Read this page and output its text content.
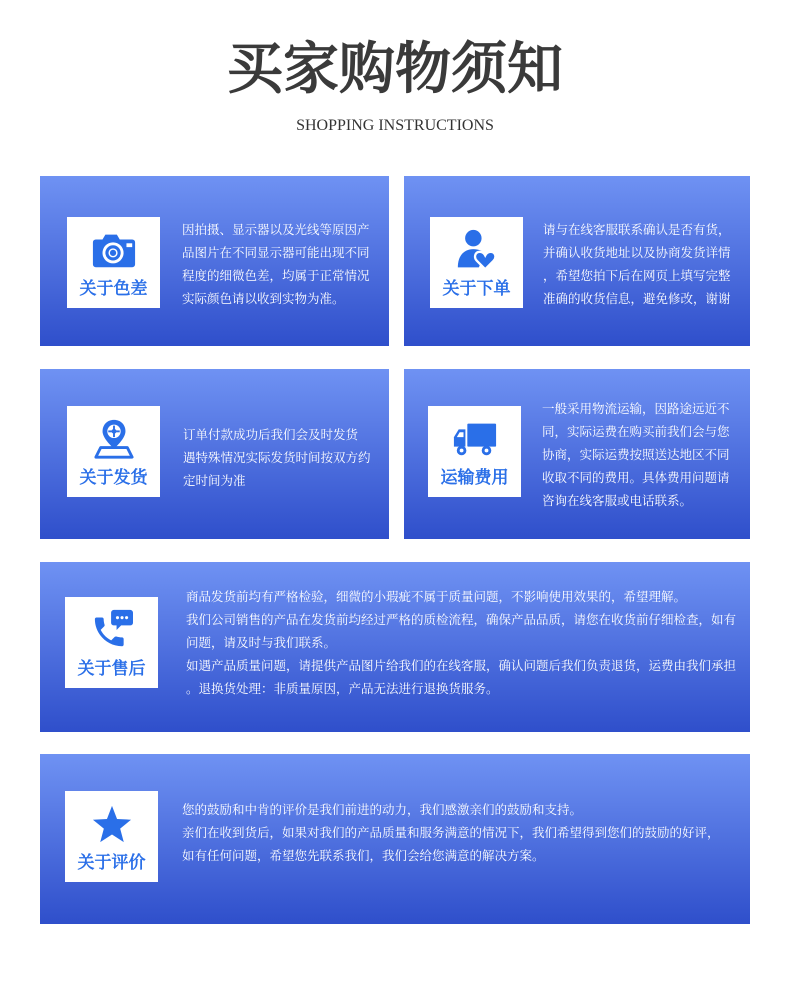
买家购物须知
SHOPPING INSTRUCTIONS
关于色差
因拍摄、显示器以及光线等原因产
品图片在不同显示器可能出现不同
程度的细微色差，均属于正常情况
实际颜色请以收到实物为准。	关于下单
请与在线客服联系确认是否有货，
并确认收货地址以及协商发货详情
，希望您拍下后在网页上填写完整
准确的收货信息，避免修改，谢谢
关于发货
订单付款成功后我们会及时发货
遇特殊情况实际发货时间按双方约
定时间为准	运输费用
一般采用物流运输，因路途远近不
同，实际运费在购买前我们会与您
协商，实际运费按照送达地区不同
收取不同的费用。具体费用问题请
咨询在线客服或电话联系。
关于售后
商品发货前均有严格检验，细微的小瑕疵不属于质量问题，不影响使用效果的，希望理解。
我们公司销售的产品在发货前均经过严格的质检流程，确保产品品质，请您在收货前仔细检查，如有
问题，请及时与我们联系。
如遇产品质量问题，请提供产品图片给我们的在线客服，确认问题后我们负责退货，运费由我们承担
。退换货处理：非质量原因，产品无法进行退换货服务。
关于评价
您的鼓励和中肯的评价是我们前进的动力，我们感激亲们的鼓励和支持。
亲们在收到货后，如果对我们的产品质量和服务满意的情况下，我们希望得到您们的鼓励的好评，
如有任何问题，希望您先联系我们，我们会给您满意的解决方案。
